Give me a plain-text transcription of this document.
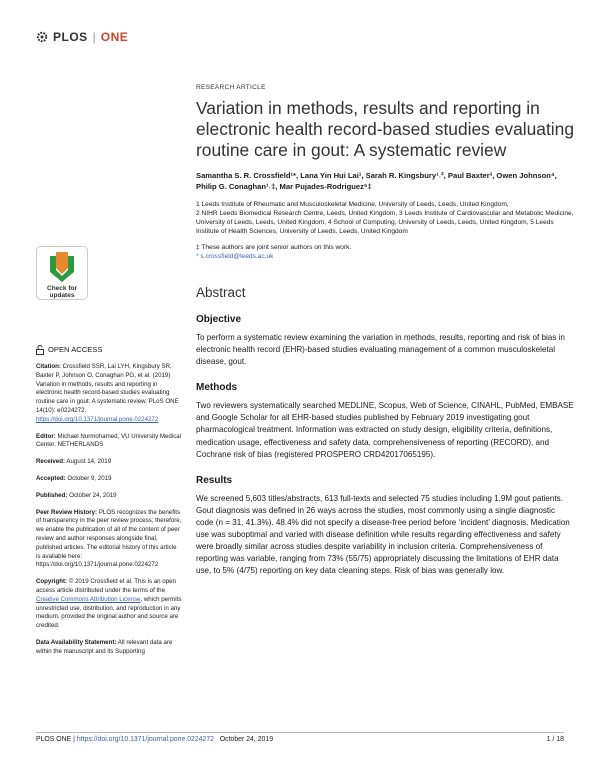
PLOS | ONE
RESEARCH ARTICLE
Variation in methods, results and reporting in electronic health record-based studies evaluating routine care in gout: A systematic review
Samantha S. R. Crossfield¹*, Lana Yin Hui Lai¹, Sarah R. Kingsbury¹˒², Paul Baxter³, Owen Johnson⁴, Philip G. Conaghan¹˒‡, Mar Pujades-Rodriguez⁵‡
1 Leeds Institute of Rheumatic and Musculoskeletal Medicine, University of Leeds, Leeds, United Kingdom,
2 NIHR Leeds Biomedical Research Centre, Leeds, United Kingdom, 3 Leeds Institute of Cardiovascular and Metabolic Medicine, University of Leeds, Leeds, United Kingdom, 4 School of Computing, University of Leeds, Leeds, United Kingdom, 5 Leeds Institute of Health Sciences, University of Leeds, Leeds, United Kingdom
‡ These authors are joint senior authors on this work.
* s.crossfield@leeds.ac.uk
Abstract
Objective
To perform a systematic review examining the variation in methods, results, reporting and risk of bias in electronic health record (EHR)-based studies evaluating management of a common musculoskeletal disease, gout.
Methods
Two reviewers systematically searched MEDLINE, Scopus, Web of Science, CINAHL, PubMed, EMBASE and Google Scholar for all EHR-based studies published by February 2019 investigating gout pharmacological treatment. Information was extracted on study design, eligibility criteria, definitions, medication usage, effectiveness and safety data, comprehensiveness of reporting (RECORD), and Cochrane risk of bias (registered PROSPERO CRD42017065195).
Results
We screened 5,603 titles/abstracts, 613 full-texts and selected 75 studies including 1.9M gout patients. Gout diagnosis was defined in 26 ways across the studies, most commonly using a single diagnostic code (n = 31, 41.3%). 48.4% did not specify a disease-free period before ‘incident’ diagnosis. Medication use was suboptimal and varied with disease definition while results regarding effectiveness and safety were broadly similar across studies despite variability in inclusion criteria. Comprehensiveness of reporting was variable, ranging from 73% (55/75) appropriately discussing the limitations of EHR data use, to 5% (4/75) reporting on key data cleaning steps. Risk of bias was generally low.
Check for
updates
OPEN ACCESS

Citation: Crossfield SSR, Lai LYH, Kingsbury SR, Baxter P, Johnson O, Conaghan PG, et al. (2019) Variation in methods, results and reporting in electronic health record-based studies evaluating routine care in gout: A systematic review. PLoS ONE 14(10): e0224272. https://doi.org/10.1371/journal.pone.0224272

Editor: Michael Nurmohamed, VU University Medical Center, NETHERLANDS

Received: August 14, 2019

Accepted: October 9, 2019

Published: October 24, 2019

Peer Review History: PLOS recognizes the benefits of transparency in the peer review process; therefore, we enable the publication of all of the content of peer review and author responses alongside final, published articles. The editorial history of this article is available here: https://doi.org/10.1371/journal.pone.0224272

Copyright: © 2019 Crossfield et al. This is an open access article distributed under the terms of the Creative Commons Attribution License, which permits unrestricted use, distribution, and reproduction in any medium, provided the original author and source are credited.

Data Availability Statement: All relevant data are within the manuscript and its Supporting

PLOS ONE | https://doi.org/10.1371/journal.pone.0224272 October 24, 2019	1 / 18
